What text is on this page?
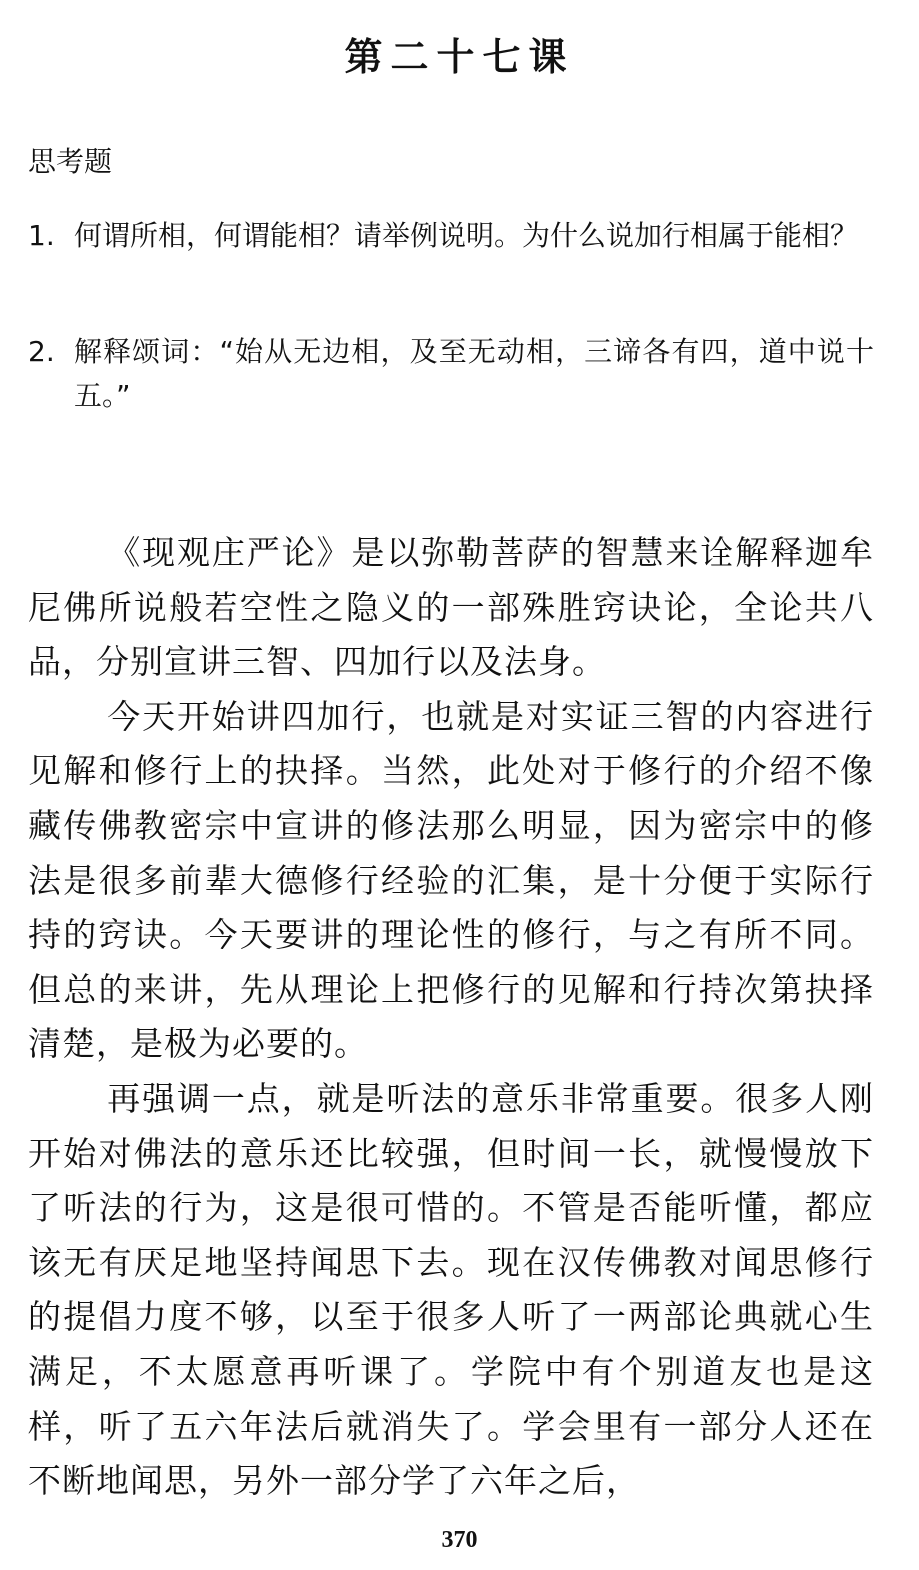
第二十七课
思考题
1. 何谓所相，何谓能相？请举例说明。为什么说加行相属于能相？
2. 解释颂词：“始从无边相，及至无动相，三谛各有四，道中说十五。”

《现观庄严论》是以弥勒菩萨的智慧来诠解释迦牟尼佛所说般若空性之隐义的一部殊胜窍诀论，全论共八品，分别宣讲三智、四加行以及法身。

今天开始讲四加行，也就是对实证三智的内容进行见解和修行上的抉择。当然，此处对于修行的介绍不像藏传佛教密宗中宣讲的修法那么明显，因为密宗中的修法是很多前辈大德修行经验的汇集，是十分便于实际行持的窍诀。今天要讲的理论性的修行，与之有所不同。但总的来讲，先从理论上把修行的见解和行持次第抉择清楚，是极为必要的。

再强调一点，就是听法的意乐非常重要。很多人刚开始对佛法的意乐还比较强，但时间一长，就慢慢放下了听法的行为，这是很可惜的。不管是否能听懂，都应该无有厌足地坚持闻思下去。现在汉传佛教对闻思修行的提倡力度不够，以至于很多人听了一两部论典就心生满足，不太愿意再听课了。学院中有个别道友也是这样，听了五六年法后就消失了。学会里有一部分人还在不断地闻思，另外一部分学了六年之后，

370
